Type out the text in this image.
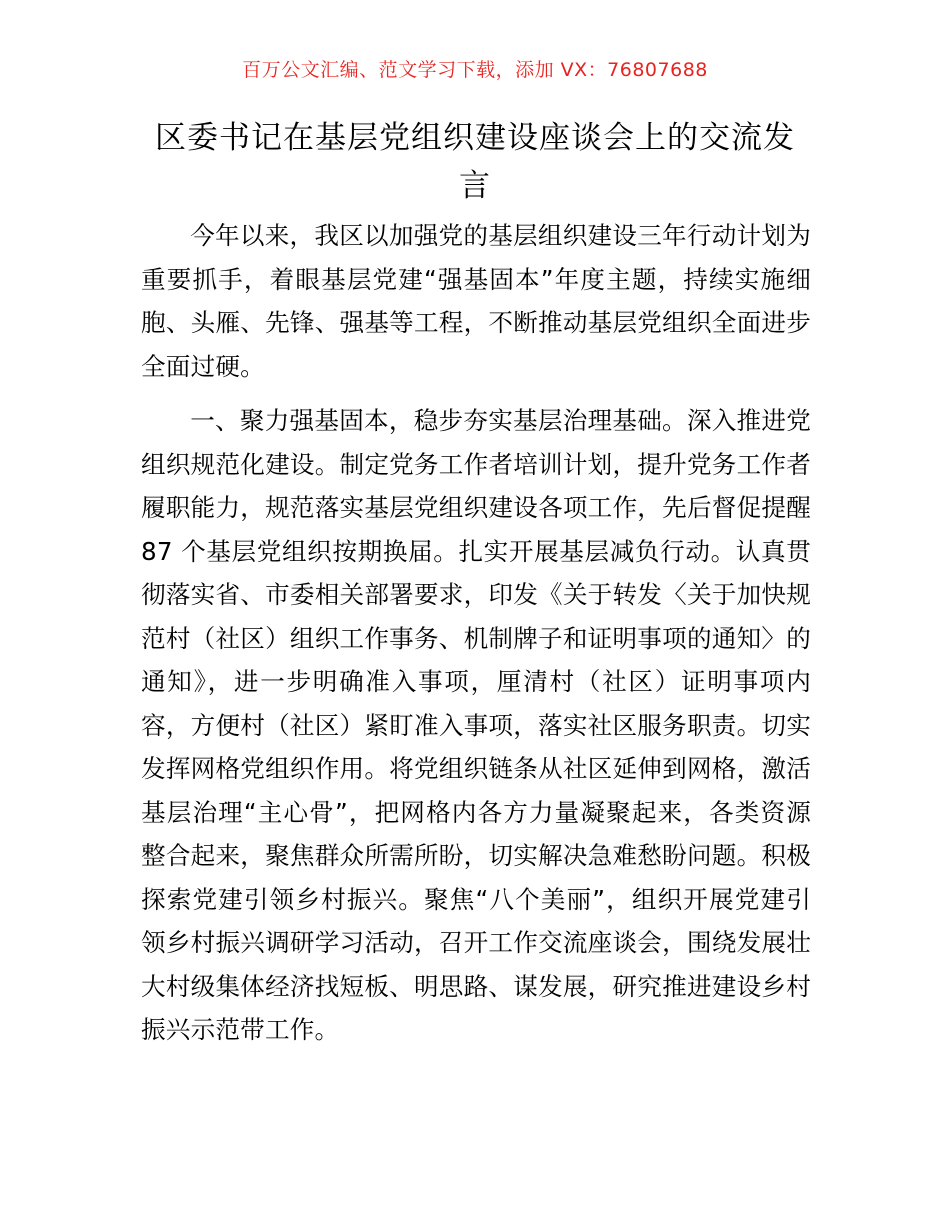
百万公文汇编、范文学习下载，添加 VX：76807688
区委书记在基层党组织建设座谈会上的交流发言

今年以来，我区以加强党的基层组织建设三年行动计划为重要抓手，着眼基层党建“强基固本”年度主题，持续实施细胞、头雁、先锋、强基等工程，不断推动基层党组织全面进步全面过硬。

一、聚力强基固本，稳步夯实基层治理基础。深入推进党组织规范化建设。制定党务工作者培训计划，提升党务工作者履职能力，规范落实基层党组织建设各项工作，先后督促提醒87 个基层党组织按期换届。扎实开展基层减负行动。认真贯彻落实省、市委相关部署要求，印发《关于转发〈关于加快规范村（社区）组织工作事务、机制牌子和证明事项的通知〉的通知》，进一步明确准入事项，厘清村（社区）证明事项内容，方便村（社区）紧盯准入事项，落实社区服务职责。切实发挥网格党组织作用。将党组织链条从社区延伸到网格，激活基层治理“主心骨”，把网格内各方力量凝聚起来，各类资源整合起来，聚焦群众所需所盼，切实解决急难愁盼问题。积极探索党建引领乡村振兴。聚焦“八个美丽”，组织开展党建引领乡村振兴调研学习活动，召开工作交流座谈会，围绕发展壮大村级集体经济找短板、明思路、谋发展，研究推进建设乡村振兴示范带工作。
